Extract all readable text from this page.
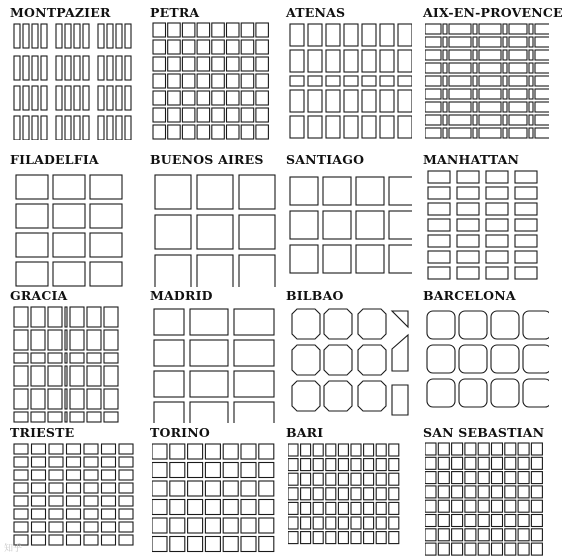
MONTPAZIER	PETRA	ATENAS	AIX-EN-PROVENCE
FILADELFIA	BUENOS AIRES SANTIAGO	MANHATTAN
GRACIA	MADRID	BILBAO	BARCELONA
TRIESTE	TORINO	BARI	SAN SEBASTIAN
知乎
